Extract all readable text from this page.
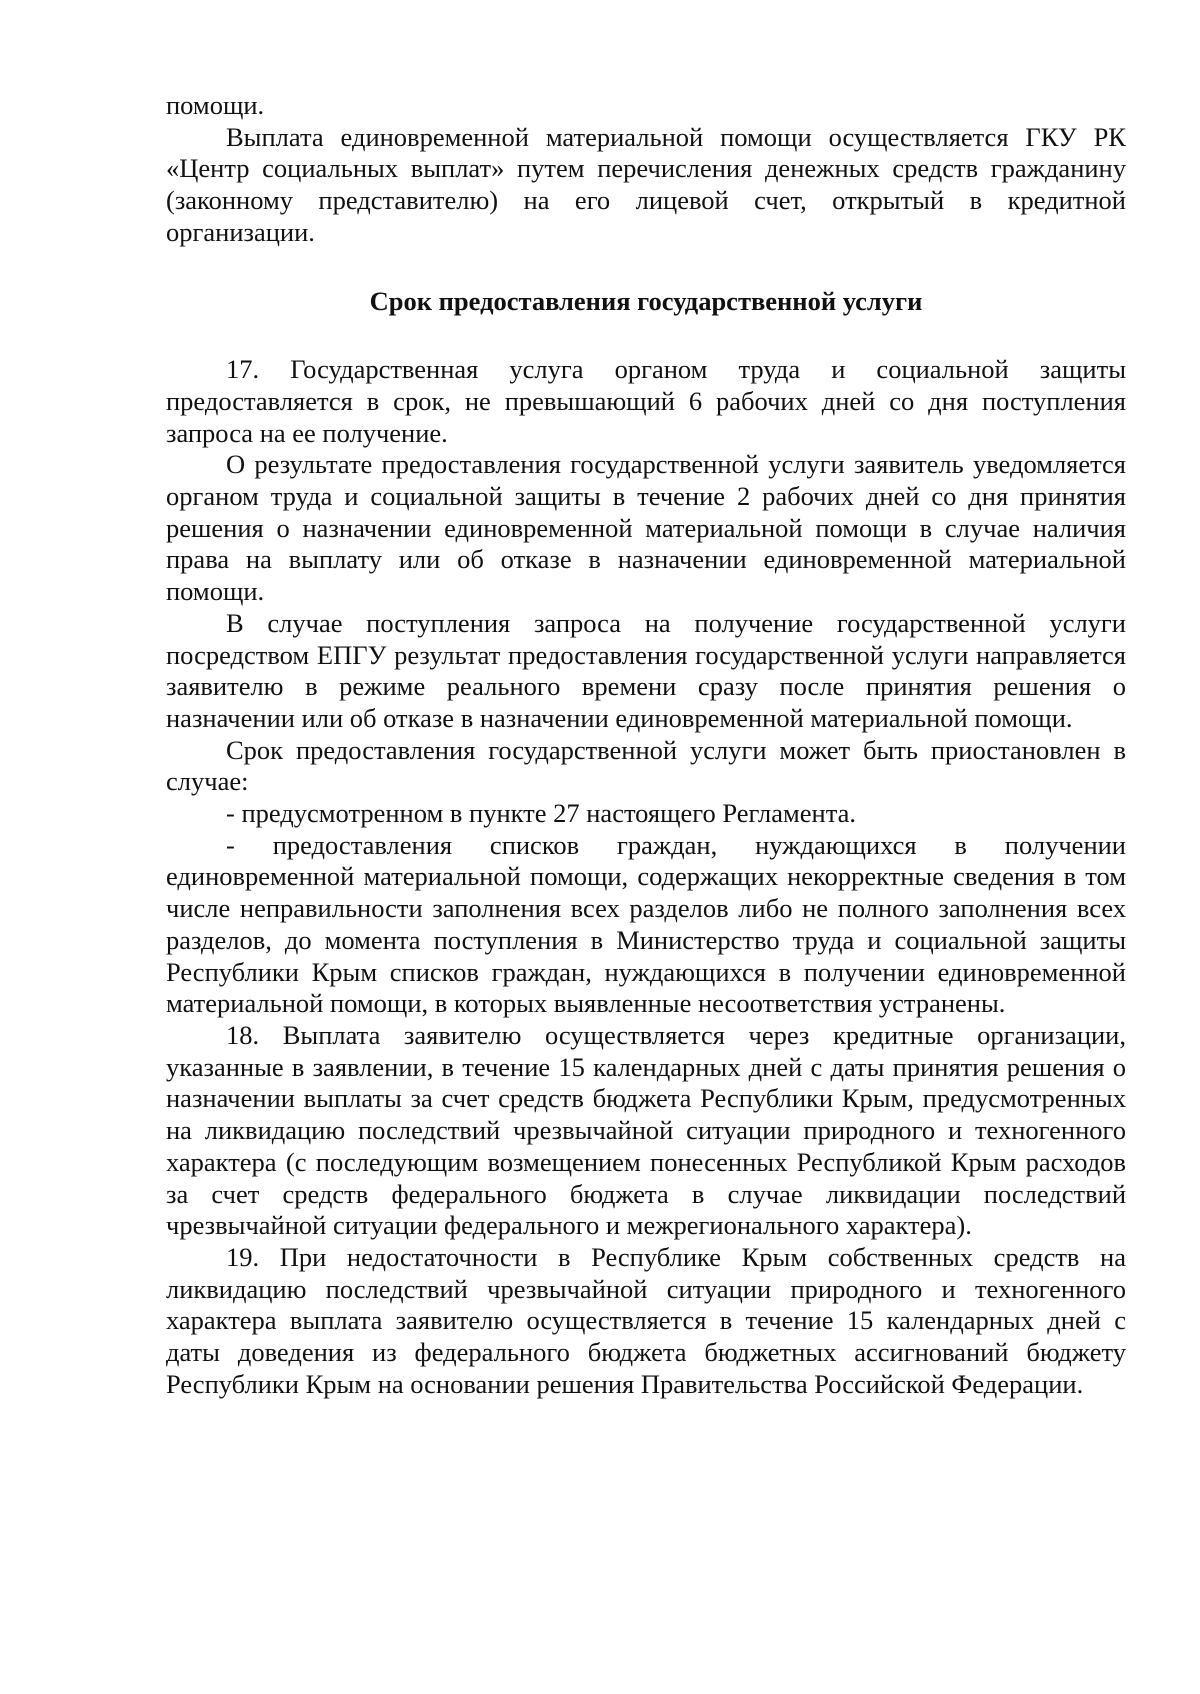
помощи.

Выплата единовременной материальной помощи осуществляется ГКУ РК «Центр социальных выплат» путем перечисления денежных средств гражданину (законному представителю) на его лицевой счет, открытый в кредитной организации.

Срок предоставления государственной услуги

17. Государственная услуга органом труда и социальной защиты предоставляется в срок, не превышающий 6 рабочих дней со дня поступления запроса на ее получение.

О результате предоставления государственной услуги заявитель уведомляется органом труда и социальной защиты в течение 2 рабочих дней со дня принятия решения о назначении единовременной материальной помощи в случае наличия права на выплату или об отказе в назначении единовременной материальной помощи.

В случае поступления запроса на получение государственной услуги посредством ЕПГУ результат предоставления государственной услуги направляется заявителю в режиме реального времени сразу после принятия решения о назначении или об отказе в назначении единовременной материальной помощи.

Срок предоставления государственной услуги может быть приостановлен в случае:

- предусмотренном в пункте 27 настоящего Регламента.

- предоставления списков граждан, нуждающихся в получении единовременной материальной помощи, содержащих некорректные сведения в том числе неправильности заполнения всех разделов либо не полного заполнения всех разделов, до момента поступления в Министерство труда и социальной защиты Республики Крым списков граждан, нуждающихся в получении единовременной материальной помощи, в которых выявленные несоответствия устранены.

18. Выплата заявителю осуществляется через кредитные организации, указанные в заявлении, в течение 15 календарных дней с даты принятия решения о назначении выплаты за счет средств бюджета Республики Крым, предусмотренных на ликвидацию последствий чрезвычайной ситуации природного и техногенного характера (с последующим возмещением понесенных Республикой Крым расходов за счет средств федерального бюджета в случае ликвидации последствий чрезвычайной ситуации федерального и межрегионального характера).

19. При недостаточности в Республике Крым собственных средств на ликвидацию последствий чрезвычайной ситуации природного и техногенного характера выплата заявителю осуществляется в течение 15 календарных дней с даты доведения из федерального бюджета бюджетных ассигнований бюджету Республики Крым на основании решения Правительства Российской Федерации.
